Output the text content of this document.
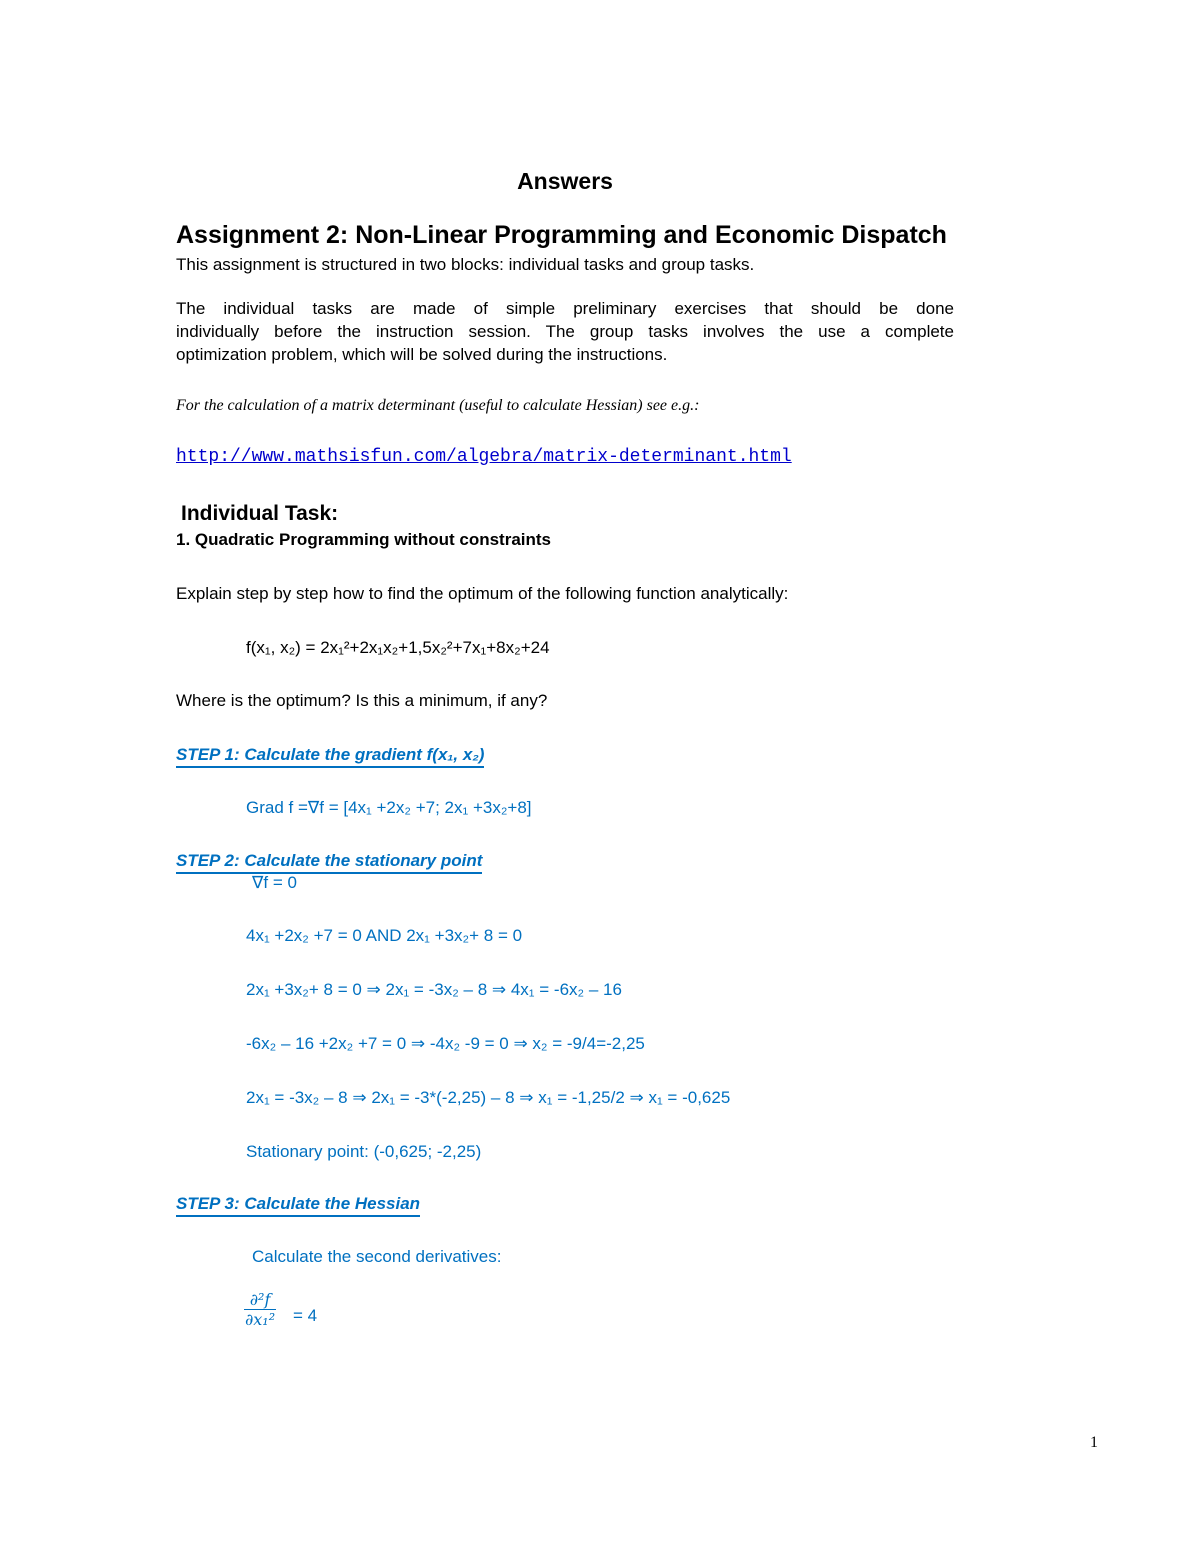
Answers
Assignment 2: Non-Linear Programming and Economic Dispatch
This assignment is structured in two blocks: individual tasks and group tasks.
The individual tasks are made of simple preliminary exercises that should be done
individually before the instruction session. The group tasks involves the use a complete
optimization problem, which will be solved during the instructions.
For the calculation of a matrix determinant (useful to calculate Hessian) see e.g.:
http://www.mathsisfun.com/algebra/matrix-determinant.html
Individual Task:
1. Quadratic Programming without constraints
Explain step by step how to find the optimum of the following function analytically:
f(x₁, x₂) = 2x₁²+2x₁x₂+1,5x₂²+7x₁+8x₂+24
Where is the optimum? Is this a minimum, if any?
STEP 1: Calculate the gradient f(x₁, x₂)
Grad f =∇f = [4x₁ +2x₂ +7; 2x₁ +3x₂+8]
STEP 2: Calculate the stationary point
∇f = 0
4x₁ +2x₂ +7 = 0 AND 2x₁ +3x₂+ 8 = 0
2x₁ +3x₂+ 8 = 0 ⇒ 2x₁ = -3x₂ – 8 ⇒ 4x₁ = -6x₂ – 16
-6x₂ – 16 +2x₂ +7 = 0 ⇒ -4x₂ -9 = 0 ⇒ x₂ = -9/4=-2,25
2x₁ = -3x₂ – 8 ⇒ 2x₁ = -3*(-2,25) – 8 ⇒ x₁ = -1,25/2 ⇒ x₁ = -0,625
Stationary point: (-0,625; -2,25)
STEP 3: Calculate the Hessian
Calculate the second derivatives:
$\frac{\text{∂²f}}{\text{∂x₁²}} = 4$
1
